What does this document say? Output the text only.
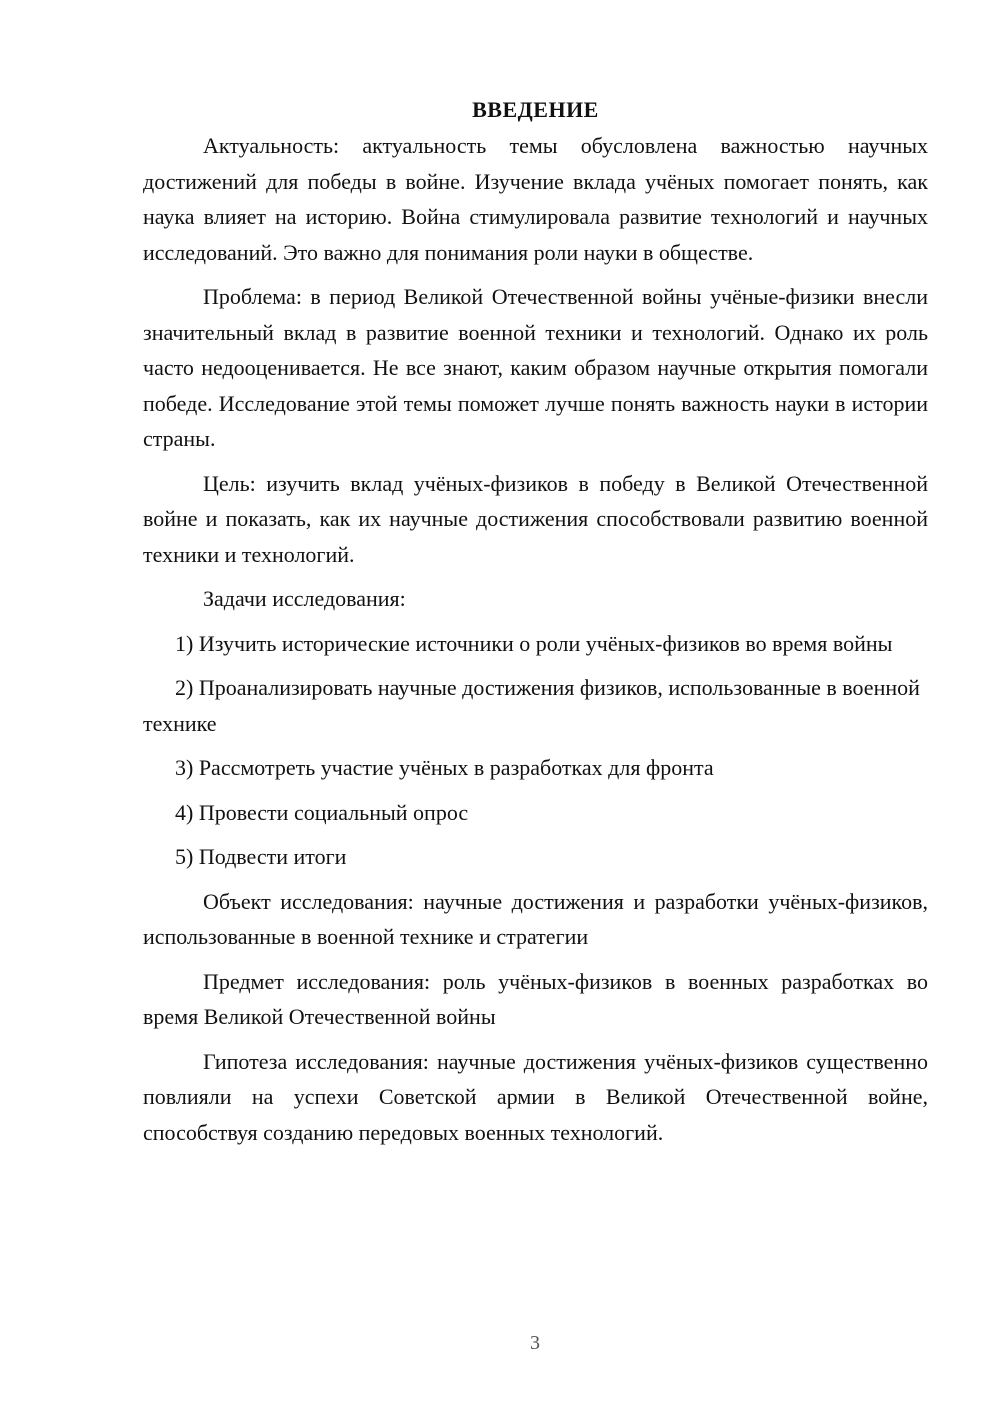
ВВЕДЕНИЕ

Актуальность: актуальность темы обусловлена важностью научных достижений для победы в войне. Изучение вклада учёных помогает понять, как наука влияет на историю. Война стимулировала развитие технологий и научных исследований. Это важно для понимания роли науки в обществе.

Проблема: в период Великой Отечественной войны учёные-физики внесли значительный вклад в развитие военной техники и технологий. Однако их роль часто недооценивается. Не все знают, каким образом научные открытия помогали победе. Исследование этой темы поможет лучше понять важность науки в истории страны.

Цель: изучить вклад учёных-физиков в победу в Великой Отечественной войне и показать, как их научные достижения способствовали развитию военной техники и технологий.

Задачи исследования:

1) Изучить исторические источники о роли учёных-физиков во время войны

2) Проанализировать научные достижения физиков, использованные в военной технике

3) Рассмотреть участие учёных в разработках для фронта

4) Провести социальный опрос

5) Подвести итоги

Объект исследования: научные достижения и разработки учёных-физиков, использованные в военной технике и стратегии

Предмет исследования: роль учёных-физиков в военных разработках во время Великой Отечественной войны

Гипотеза исследования: научные достижения учёных-физиков существенно повлияли на успехи Советской армии в Великой Отечественной войне, способствуя созданию передовых военных технологий.

3
